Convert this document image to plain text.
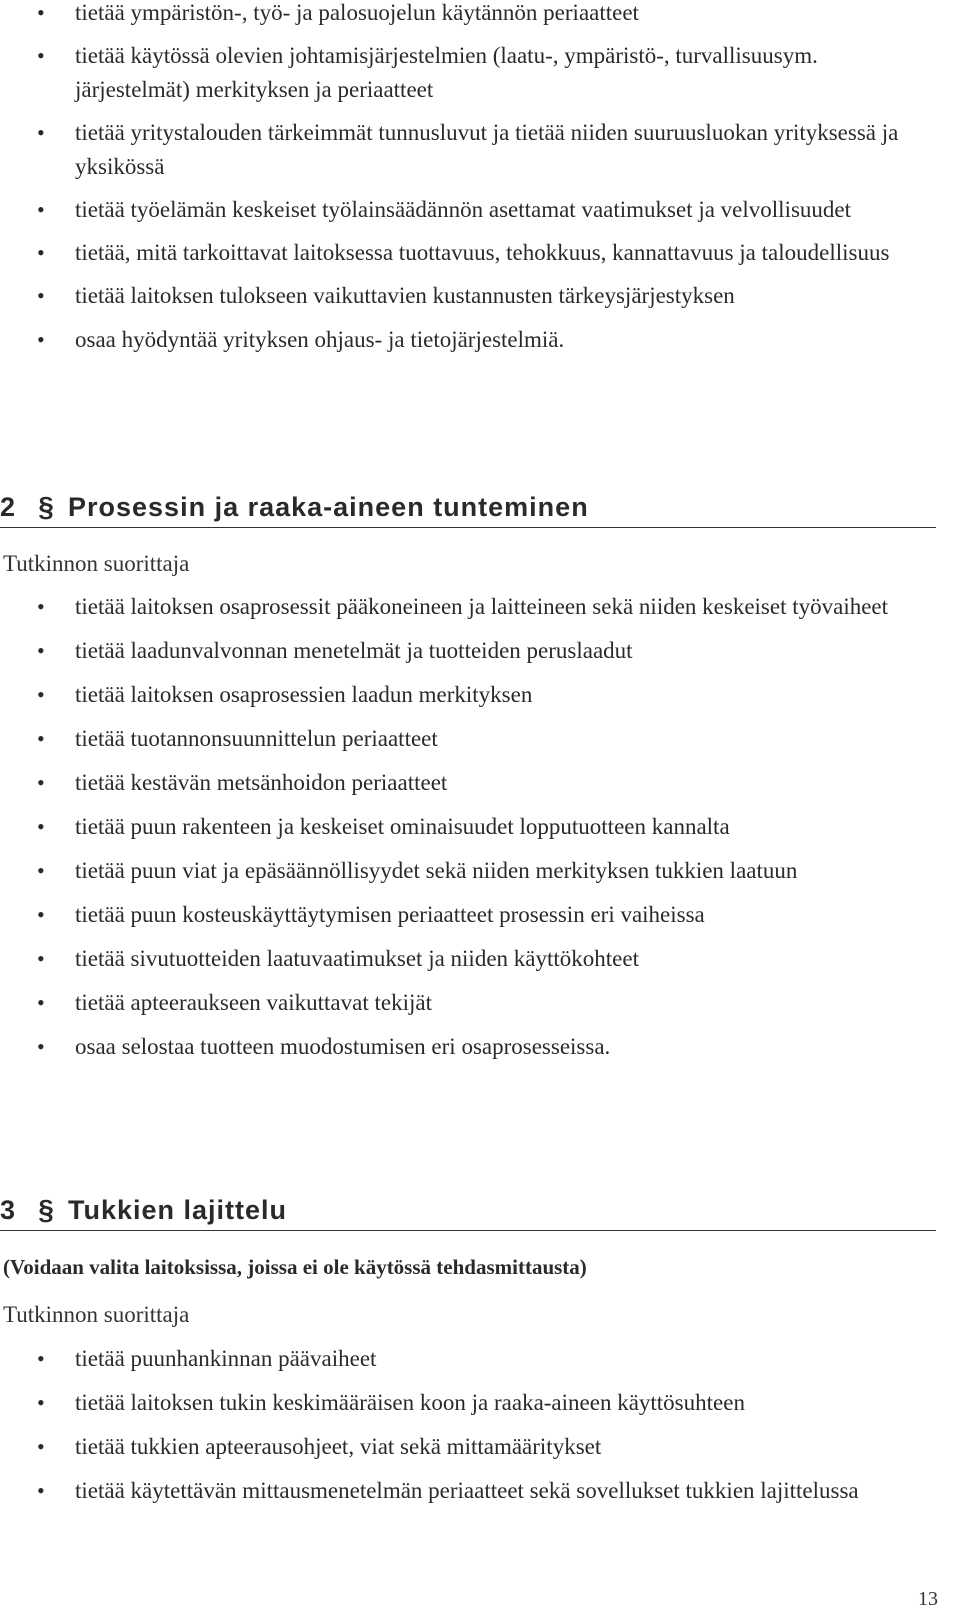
• tietää ympäristön-, työ- ja palosuojelun käytännön periaatteet
• tietää käytössä olevien johtamisjärjestelmien (laatu-, ympäristö-, turvallisuusym. järjestelmät) merkityksen ja periaatteet
• tietää yritystalouden tärkeimmät tunnusluvut ja tietää niiden suuruusluokan yrityksessä ja yksikössä
• tietää työelämän keskeiset työlainsäädännön asettamat vaatimukset ja velvollisuudet
• tietää, mitä tarkoittavat laitoksessa tuottavuus, tehokkuus, kannattavuus ja taloudellisuus
• tietää laitoksen tulokseen vaikuttavien kustannusten tärkeysjärjestyksen
• osaa hyödyntää yrityksen ohjaus- ja tietojärjestelmiä.
2 § Prosessin ja raaka-aineen tunteminen
Tutkinnon suorittaja
• tietää laitoksen osaprosessit pääkoneineen ja laitteineen sekä niiden keskeiset työvaiheet
• tietää laadunvalvonnan menetelmät ja tuotteiden peruslaadut
• tietää laitoksen osaprosessien laadun merkityksen
• tietää tuotannonsuunnittelun periaatteet
• tietää kestävän metsänhoidon periaatteet
• tietää puun rakenteen ja keskeiset ominaisuudet lopputuotteen kannalta
• tietää puun viat ja epäsäännöllisyydet sekä niiden merkityksen tukkien laatuun
• tietää puun kosteuskäyttäytymisen periaatteet prosessin eri vaiheissa
• tietää sivutuotteiden laatuvaatimukset ja niiden käyttökohteet
• tietää apteeraukseen vaikuttavat tekijät
• osaa selostaa tuotteen muodostumisen eri osaprosesseissa.
3 § Tukkien lajittelu
(Voidaan valita laitoksissa, joissa ei ole käytössä tehdasmittausta)
Tutkinnon suorittaja
• tietää puunhankinnan päävaiheet
• tietää laitoksen tukin keskimääräisen koon ja raaka-aineen käyttösuhteen
• tietää tukkien apteerausohjeet, viat sekä mittamääritykset
• tietää käytettävän mittausmenetelmän periaatteet sekä sovellukset tukkien lajittelussa
13
